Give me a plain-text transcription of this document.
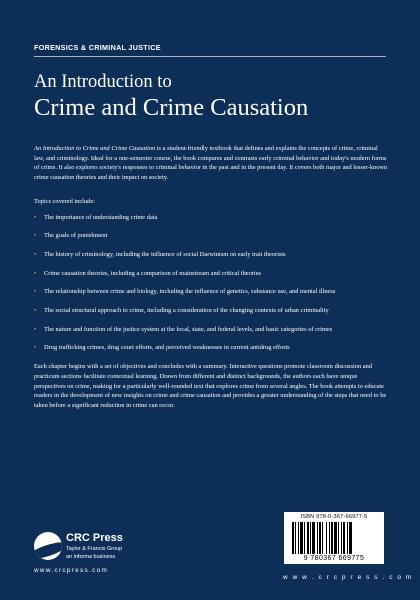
FORENSICS & CRIMINAL JUSTICE
An Introduction to
Crime and Crime Causation

An Introduction to Crime and Crime Causation is a student-friendly textbook that defines and explains the concepts of crime, criminal law, and criminology. Ideal for a one-semester course, the book compares and contrasts early criminal behavior and today's modern forms of crime. It also explores society's responses to criminal behavior in the past and in the present day. It covers both major and lesser-known crime causation theories and their impact on society.

Topics covered include:

• The importance of understanding crime data
• The goals of punishment
• The history of criminology, including the influence of social Darwinism on early trait theorists
• Crime causation theories, including a comparison of mainstream and critical theories
• The relationship between crime and biology, including the influence of genetics, substance use, and mental illness
• The social structural approach to crime, including a consideration of the changing contexts of urban criminality
• The nature and function of the justice system at the local, state, and federal levels, and basic categories of crimes
• Drug trafficking crimes, drug court efforts, and perceived weaknesses in current antidrug efforts

Each chapter begins with a set of objectives and concludes with a summary. Interactive questions promote classroom discussion and practicum sections facilitate contextual learning. Drawn from different and distinct backgrounds, the authors each have unique perspectives on crime, making for a particularly well-rounded text that explores crime from several angles. The book attempts to educate readers in the development of new insights on crime and crime causation and provides a greater understanding of the steps that need to be taken before a significant reduction in crime can occur.

CRC CRC Press
Taylor & Francis Group
an informa business
www.crcpress.com
ISBN 978-0-367-66977-5
9 780367 669775
w w w . c r c p r e s s . c o m
